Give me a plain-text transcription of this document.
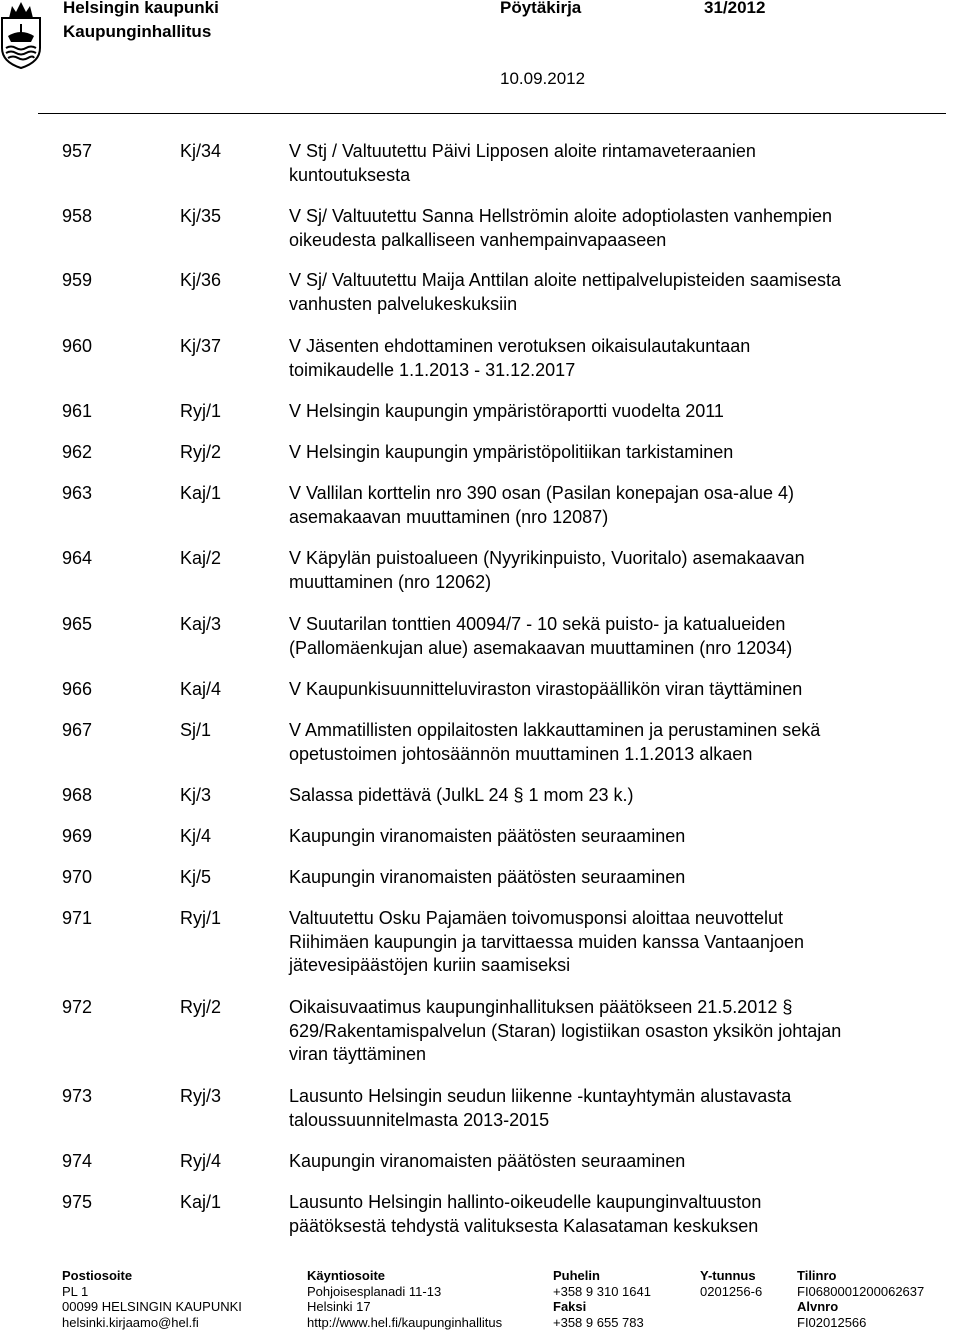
Helsingin kaupunki
Kaupunginhallitus
Pöytäkirja	31/2012
10.09.2012
957	Kj/34	V Stj / Valtuutettu Päivi Lipposen aloite rintamaveteraanien
kuntoutuksesta
958	Kj/35	V Sj/ Valtuutettu Sanna Hellströmin aloite adoptiolasten vanhempien
oikeudesta palkalliseen vanhempainvapaaseen
959	Kj/36	V Sj/ Valtuutettu Maija Anttilan aloite nettipalvelupisteiden saamisesta
vanhusten palvelukeskuksiin
960	Kj/37	V Jäsenten ehdottaminen verotuksen oikaisulautakuntaan
toimikaudelle 1.1.2013 - 31.12.2017
961	Ryj/1	V Helsingin kaupungin ympäristöraportti vuodelta 2011
962	Ryj/2	V Helsingin kaupungin ympäristöpolitiikan tarkistaminen
963	Kaj/1	V Vallilan korttelin nro 390 osan (Pasilan konepajan osa-alue 4)
asemakaavan muuttaminen (nro 12087)
964	Kaj/2	V Käpylän puistoalueen (Nyyrikinpuisto, Vuoritalo) asemakaavan
muuttaminen (nro 12062)
965	Kaj/3	V Suutarilan tonttien 40094/7 - 10 sekä puisto- ja katualueiden
(Pallomäenkujan alue) asemakaavan muuttaminen (nro 12034)
966	Kaj/4	V Kaupunkisuunnitteluviraston virastopäällikön viran täyttäminen
967	Sj/1	V Ammatillisten oppilaitosten lakkauttaminen ja perustaminen sekä
opetustoimen johtosäännön muuttaminen 1.1.2013 alkaen
968	Kj/3	Salassa pidettävä (JulkL 24 § 1 mom 23 k.)
969	Kj/4	Kaupungin viranomaisten päätösten seuraaminen
970	Kj/5	Kaupungin viranomaisten päätösten seuraaminen
971	Ryj/1	Valtuutettu Osku Pajamäen toivomusponsi aloittaa neuvottelut
Riihimäen kaupungin ja tarvittaessa muiden kanssa Vantaanjoen
jätevesipäästöjen kuriin saamiseksi
972	Ryj/2	Oikaisuvaatimus kaupunginhallituksen päätökseen 21.5.2012 §
629/Rakentamispalvelun (Staran) logistiikan osaston yksikön johtajan
viran täyttäminen
973	Ryj/3	Lausunto Helsingin seudun liikenne -kuntayhtymän alustavasta
taloussuunnitelmasta 2013-2015
974	Ryj/4	Kaupungin viranomaisten päätösten seuraaminen
975	Kaj/1	Lausunto Helsingin hallinto-oikeudelle kaupunginvaltuuston
päätöksestä tehdystä valituksesta Kalasataman keskuksen
Postiosoite
PL 1
00099 HELSINGIN KAUPUNKI
helsinki.kirjaamo@hel.fi
Käyntiosoite
Pohjoisesplanadi 11-13
Helsinki 17
http://www.hel.fi/kaupunginhallitus
Puhelin
+358 9 310 1641
Faksi
+358 9 655 783
Y-tunnus
0201256-6
Tilinro
FI0680001200062637
Alvnro
FI02012566
